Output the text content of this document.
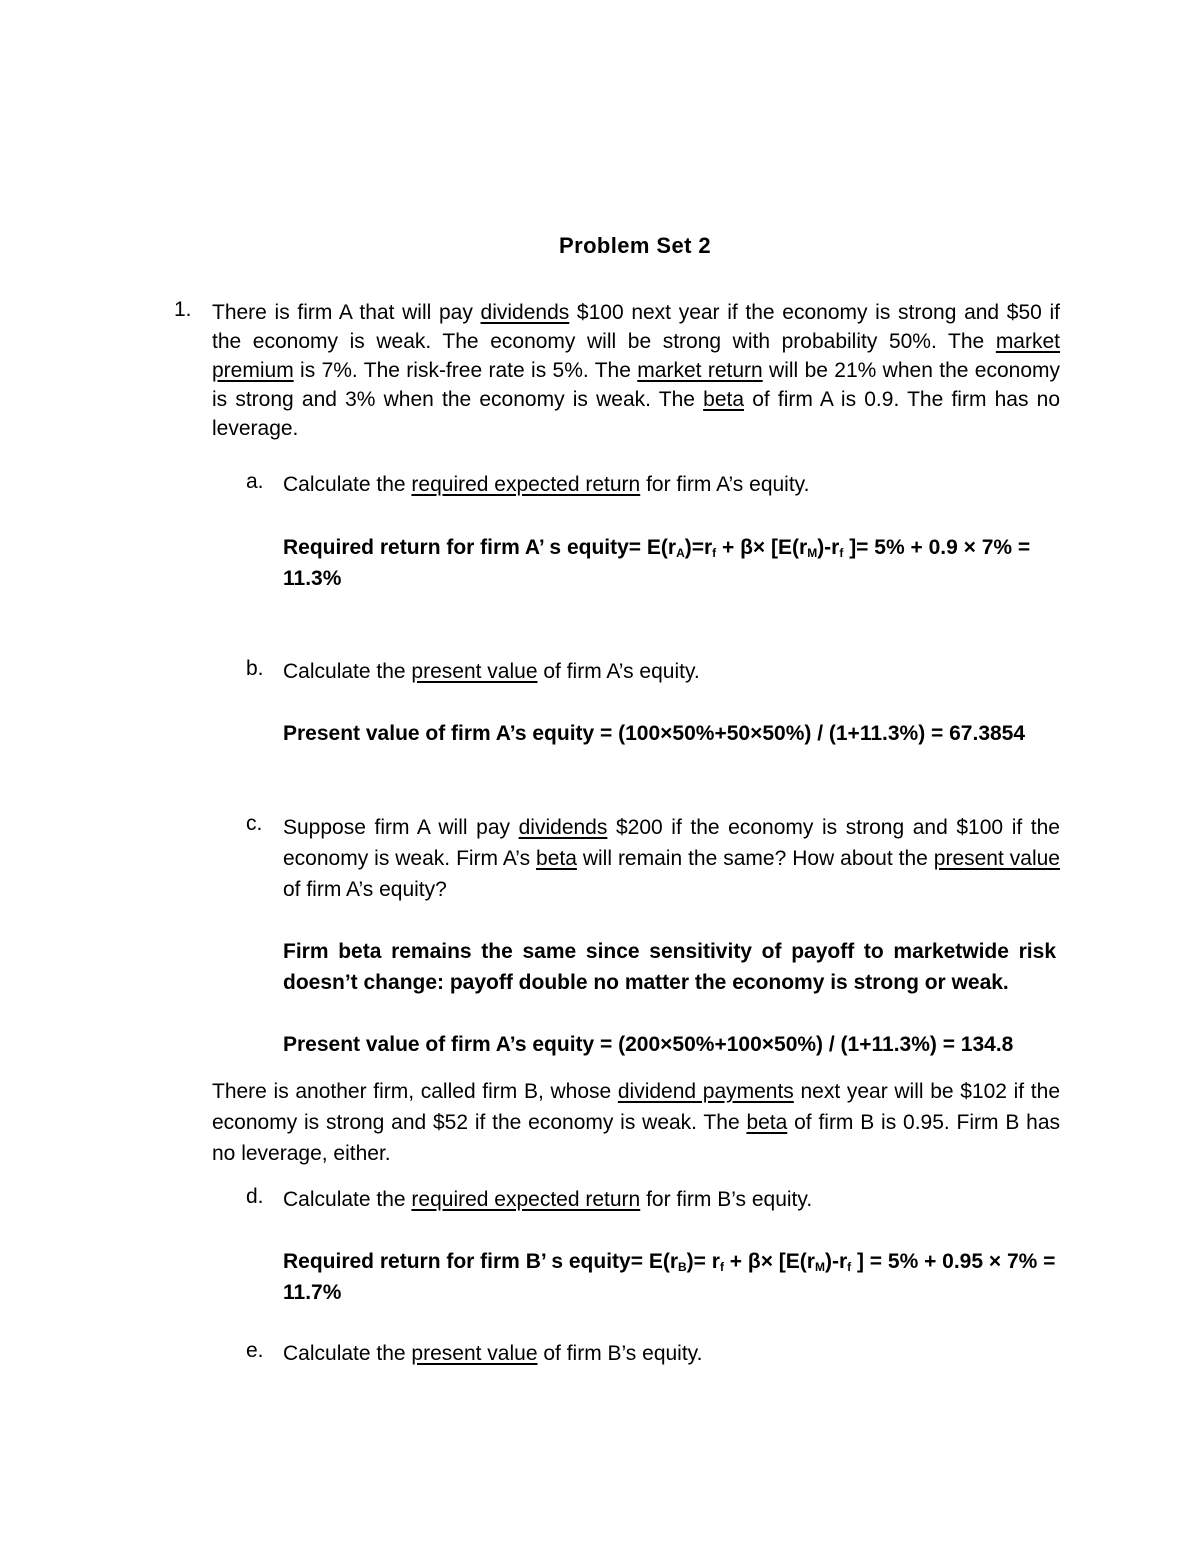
Problem Set 2
1. There is firm A that will pay dividends $100 next year if the economy is strong and $50 if the economy is weak. The economy will be strong with probability 50%. The market premium is 7%. The risk-free rate is 5%. The market return will be 21% when the economy is strong and 3% when the economy is weak. The beta of firm A is 0.9. The firm has no leverage.

a. Calculate the required expected return for firm A’s equity.

Required return for firm A’ s equity= $E(r_A)=r_f + \beta\times [E(r_M)-r_f$ ]= 5% + 0.9 × 7% =
11.3%
b. Calculate the present value of firm A’s equity.

Present value of firm A’s equity = (100×50%+50×50%) / (1+11.3%) = 67.3854
c. Suppose firm A will pay dividends $200 if the economy is strong and $100 if the economy is weak. Firm A’s beta will remain the same? How about the present value of firm A’s equity?

Firm beta remains the same since sensitivity of payoff to marketwide risk doesn’t change: payoff double no matter the economy is strong or weak.

Present value of firm A’s equity = (200×50%+100×50%) / (1+11.3%) = 134.8

There is another firm, called firm B, whose dividend payments next year will be $102 if the economy is strong and $52 if the economy is weak. The beta of firm B is 0.95. Firm B has no leverage, either.

d. Calculate the required expected return for firm B’s equity.

Required return for firm B’ s equity= $E(r_B)= r_f + \beta\times [E(r_M)-r_f$ ] = 5% + 0.95 × 7% =
11.7%
e. Calculate the present value of firm B’s equity.
